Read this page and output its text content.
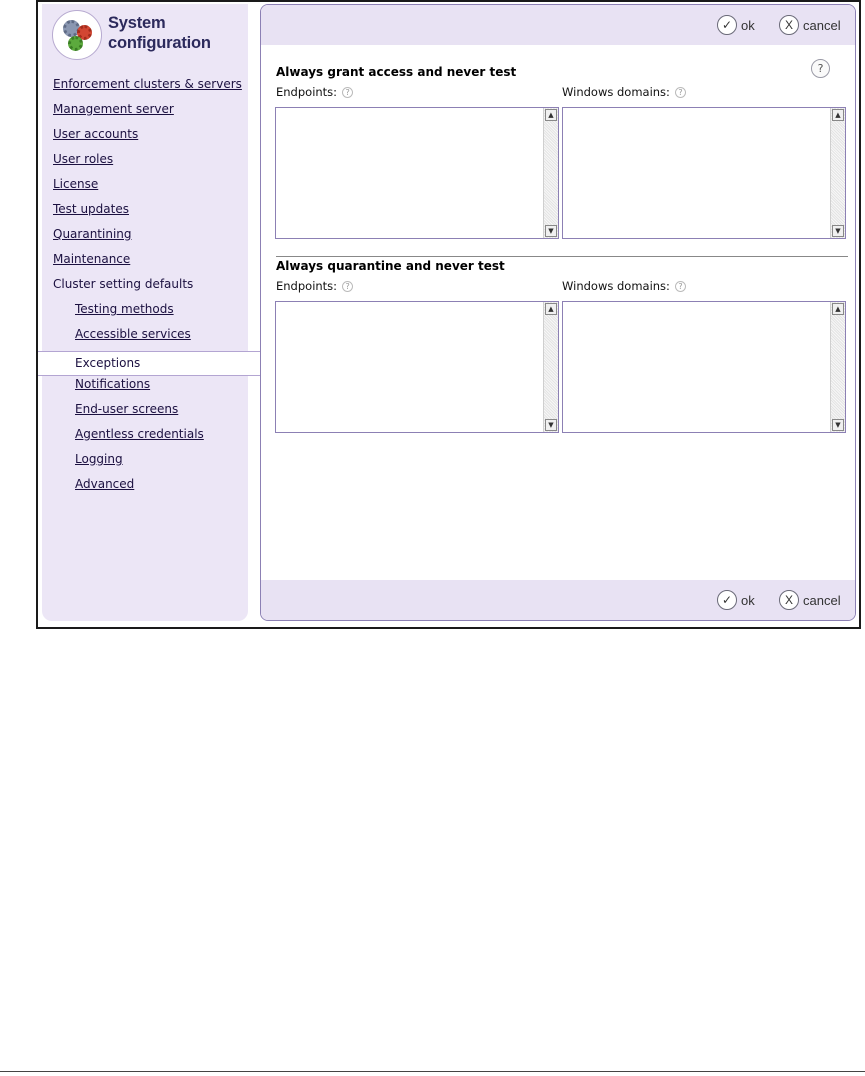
System configuration
Enforcement clusters & servers
Management server
User accounts
User roles
License
Test updates
Quarantining
Maintenance
Cluster setting defaults
Testing methods
Accessible services
Exceptions
Notifications
End-user screens
Agentless credentials
Logging
Advanced
✓ ok	X cancel
?
Always grant access and never test
Endpoints:	?	Windows domains:	?
▲
▼
▲
▼
Always quarantine and never test
Endpoints:	?	Windows domains:	?
▲
▼
▲
▼
✓ ok	X cancel
